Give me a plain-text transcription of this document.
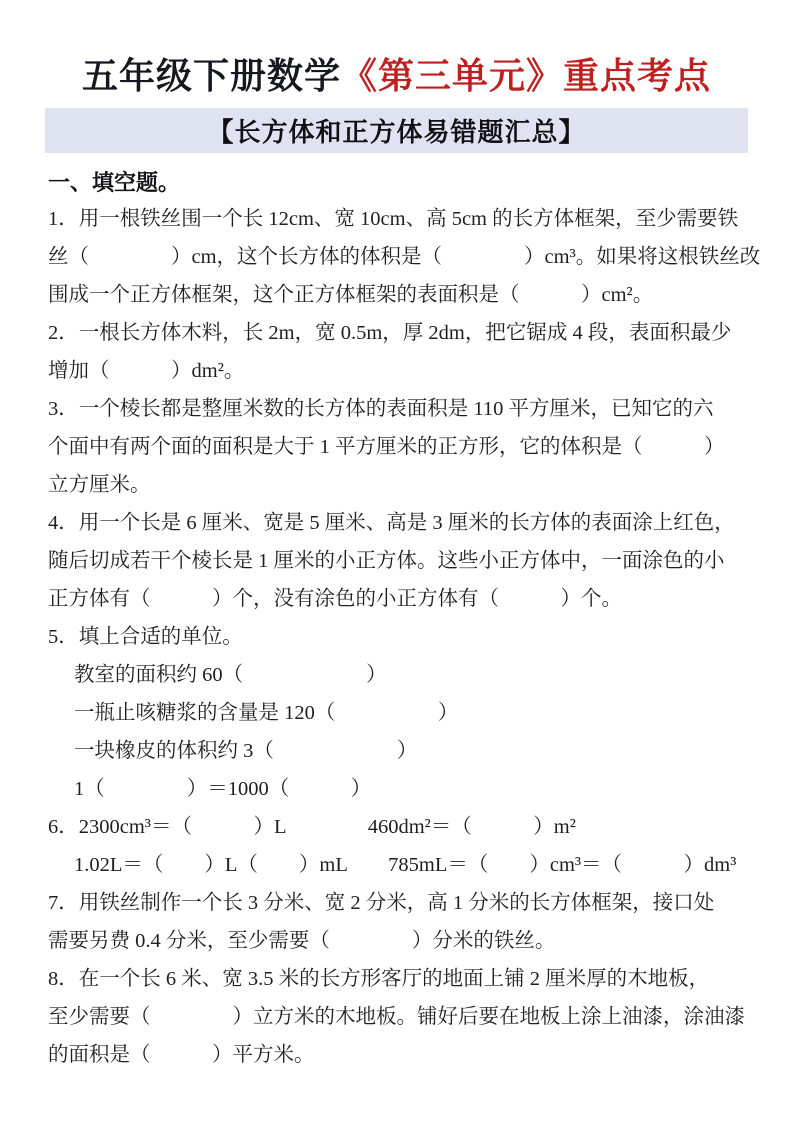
五年级下册数学《第三单元》重点考点
【长方体和正方体易错题汇总】
一、填空题。
1．用一根铁丝围一个长 12cm、宽 10cm、高 5cm 的长方体框架，至少需要铁
丝（　　　　）cm，这个长方体的体积是（　　　　）cm³。如果将这根铁丝改
围成一个正方体框架，这个正方体框架的表面积是（　　　）cm²。
2．一根长方体木料，长 2m，宽 0.5m，厚 2dm，把它锯成 4 段，表面积最少
增加（　　　）dm²。
3．一个棱长都是整厘米数的长方体的表面积是 110 平方厘米，已知它的六
个面中有两个面的面积是大于 1 平方厘米的正方形，它的体积是（　　　）
立方厘米。
4．用一个长是 6 厘米、宽是 5 厘米、高是 3 厘米的长方体的表面涂上红色，
随后切成若干个棱长是 1 厘米的小正方体。这些小正方体中，一面涂色的小
正方体有（　　　）个，没有涂色的小正方体有（　　　）个。
5．填上合适的单位。
教室的面积约 60（　　　　　　）
一瓶止咳糖浆的含量是 120（　　　　　）
一块橡皮的体积约 3（　　　　　　）
1（　　　　）＝1000（　　　）
6．2300cm³＝（　　　）L　　　　460dm²＝（　　　）m²
1.02L＝（　　）L（　　）mL　　785mL＝（　　）cm³＝（　　　）dm³
7．用铁丝制作一个长 3 分米、宽 2 分米，高 1 分米的长方体框架，接口处
需要另费 0.4 分米，至少需要（　　　　）分米的铁丝。
8．在一个长 6 米、宽 3.5 米的长方形客厅的地面上铺 2 厘米厚的木地板，
至少需要（　　　　）立方米的木地板。铺好后要在地板上涂上油漆，涂油漆
的面积是（　　　）平方米。
